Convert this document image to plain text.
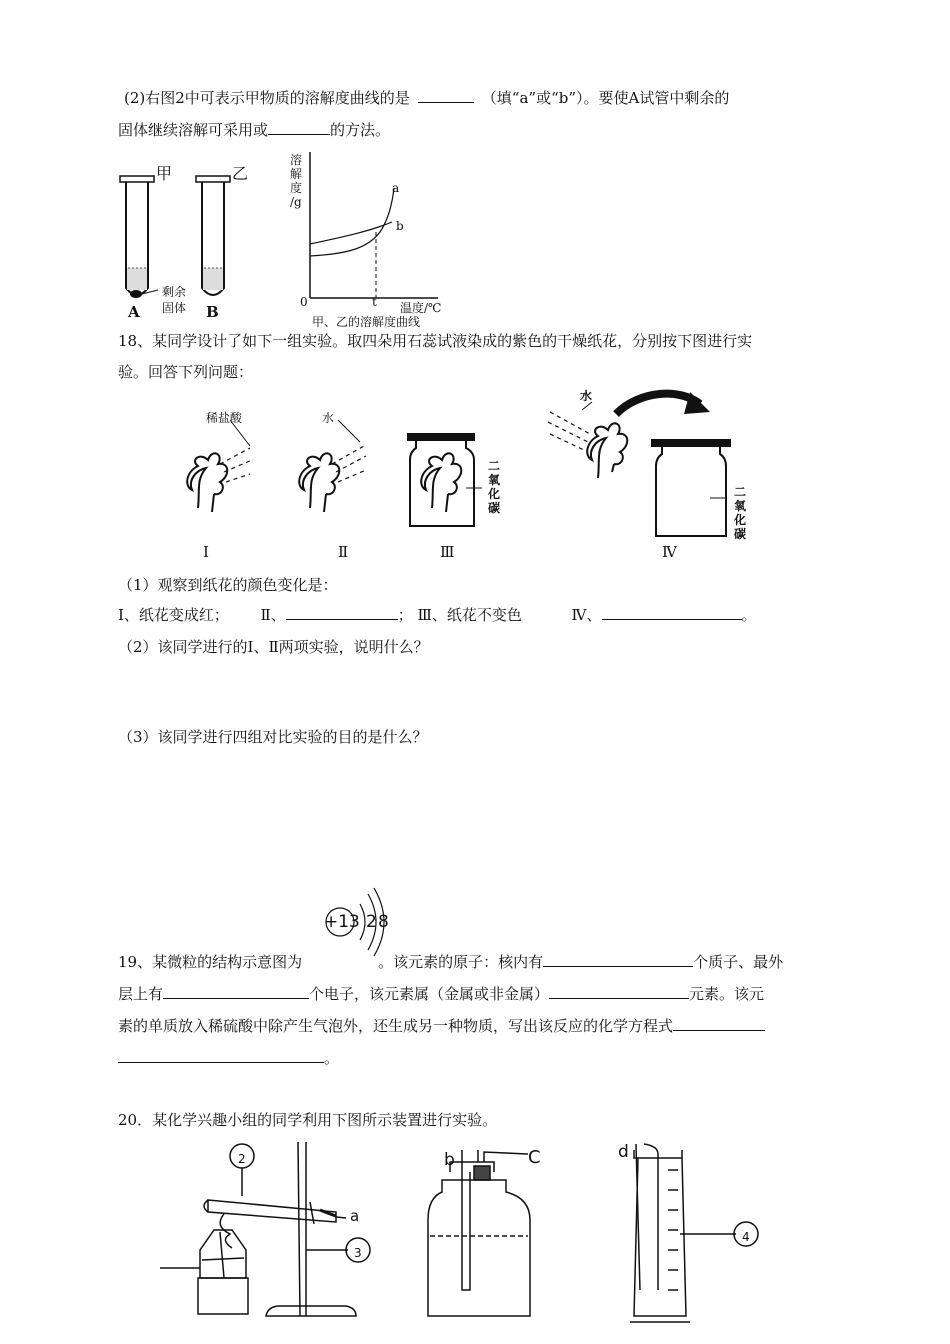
(2)右图2中可表示甲物质的溶解度曲线的是	（填“a”或“b”）。要使A试管中剩余的
固体继续溶解可采用或	的方法。
甲	乙
A	B
剩余
固体
溶
解
度
/g
a
b
0	t 温度/℃
甲、乙的溶解度曲线
18、某同学设计了如下一组实验。取四朵用石蕊试液染成的紫色的干燥纸花，分别按下图进行实
验。回答下列问题：
稀盐酸	水
水
二
氧
化
碳
二
氧
化
碳
Ⅰ	Ⅱ	Ⅲ	Ⅳ
（1）观察到纸花的颜色变化是：
Ⅰ、纸花变成红； Ⅱ、	； Ⅲ、纸花不变色	Ⅳ、	。
（2）该同学进行的Ⅰ、Ⅱ两项实验，说明什么？
（3）该同学进行四组对比实验的目的是什么？
+13 2 8
19、某微粒的结构示意图为	。该元素的原子：核内有	个质子、最外
层上有	个电子，该元素属（金属或非金属）	元素。该元
素的单质放入稀硫酸中除产生气泡外，还生成另一种物质，写出该反应的化学方程式
。
20．某化学兴趣小组的同学利用下图所示装置进行实验。
2
3
a
b	C	d
4
